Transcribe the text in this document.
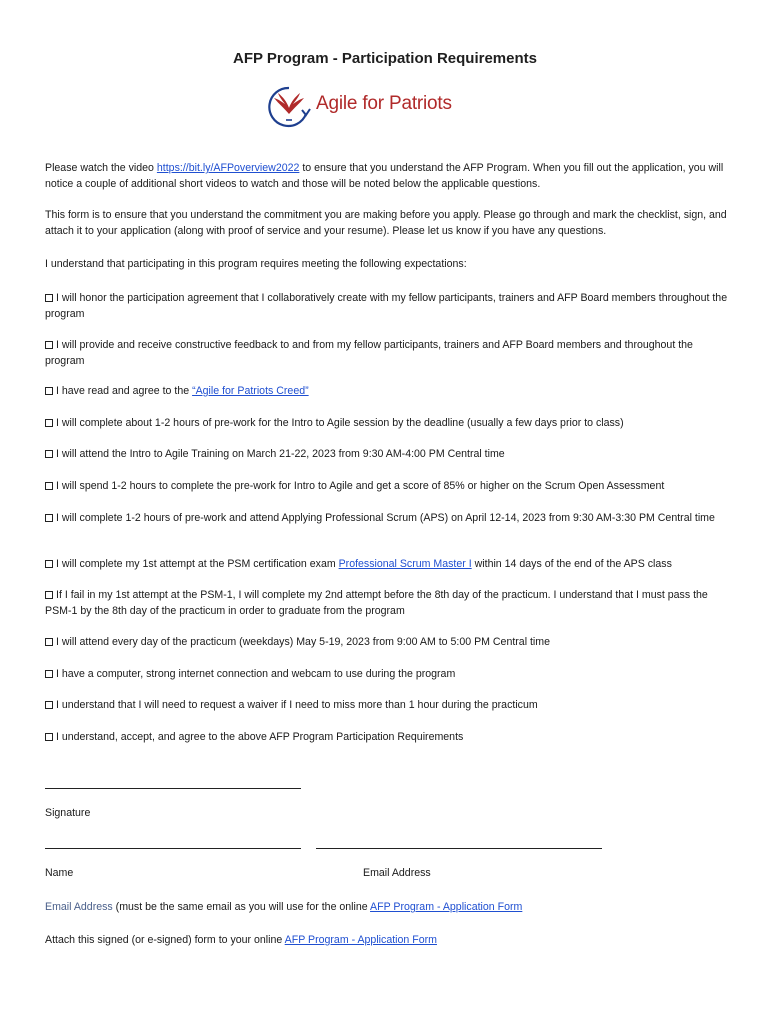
AFP Program - Participation Requirements
Agile for Patriots
Please watch the video https://bit.ly/AFPoverview2022 to ensure that you understand the AFP Program. When you fill out the application, you will notice a couple of additional short videos to watch and those will be noted below the applicable questions.
This form is to ensure that you understand the commitment you are making before you apply. Please go through and mark the checklist, sign, and attach it to your application (along with proof of service and your resume). Please let us know if you have any questions.
I understand that participating in this program requires meeting the following expectations:
I will honor the participation agreement that I collaboratively create with my fellow participants, trainers and AFP Board members throughout the program
I will provide and receive constructive feedback to and from my fellow participants, trainers and AFP Board members and throughout the program
I have read and agree to the “Agile for Patriots Creed”
I will complete about 1-2 hours of pre-work for the Intro to Agile session by the deadline (usually a few days prior to class)
I will attend the Intro to Agile Training on March 21-22, 2023 from 9:30 AM-4:00 PM Central time
I will spend 1-2 hours to complete the pre-work for Intro to Agile and get a score of 85% or higher on the Scrum Open Assessment
I will complete 1-2 hours of pre-work and attend Applying Professional Scrum (APS) on April 12-14, 2023 from 9:30 AM-3:30 PM Central time
I will complete my 1st attempt at the PSM certification exam Professional Scrum Master I within 14 days of the end of the APS class
If I fail in my 1st attempt at the PSM-1, I will complete my 2nd attempt before the 8th day of the practicum. I understand that I must pass the PSM-1 by the 8th day of the practicum in order to graduate from the program
I will attend every day of the practicum (weekdays) May 5-19, 2023 from 9:00 AM to 5:00 PM Central time
I have a computer, strong internet connection and webcam to use during the program
I understand that I will need to request a waiver if I need to miss more than 1 hour during the practicum
I understand, accept, and agree to the above AFP Program Participation Requirements
Signature
Name	Email Address
Email Address (must be the same email as you will use for the online AFP Program - Application Form
Attach this signed (or e-signed) form to your online AFP Program - Application Form
